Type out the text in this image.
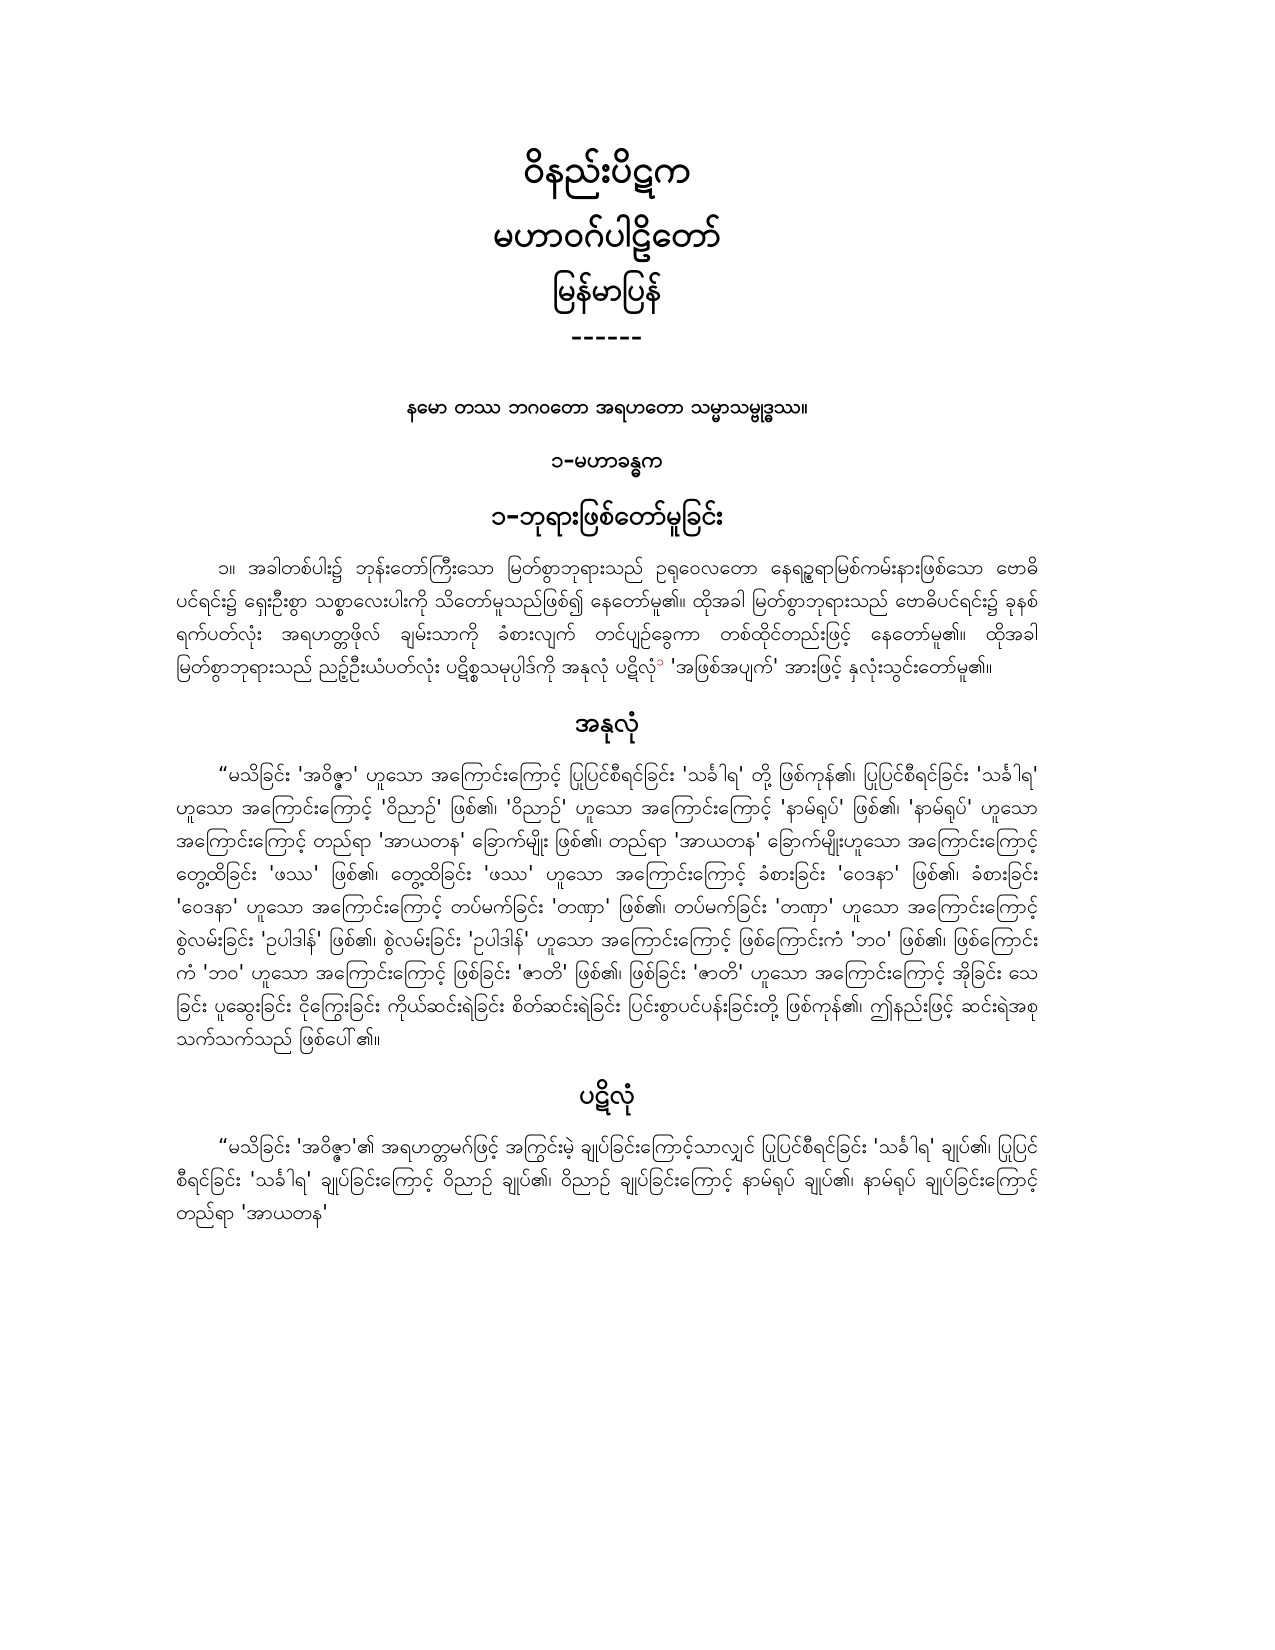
ဝိနည်းပိဋက
မဟာဝဂ်ပါဠိတော်
မြန်မာပြန်
––––––
နမော တဿ ဘဂဝတော အရဟတော သမ္မာသမ္ဗုဒ္ဓဿ။
၁–မဟာခန္ဓက
၁–ဘုရားဖြစ်တော်မူခြင်း

၁။ အခါတစ်ပါး၌ ဘုန်းတော်ကြီးသော မြတ်စွာဘုရားသည် ဥရုဝေလတော နေရဥ္စရာမြစ်ကမ်းနားဖြစ်သော ဗောဓိပင်ရင်း၌ ရှေးဦးစွာ သစ္စာလေးပါးကို သိတော်မူသည်ဖြစ်၍ နေတော်မူ၏။ ထိုအခါ မြတ်စွာဘုရားသည် ဗောဓိပင်ရင်း၌ ခုနစ်ရက်ပတ်လုံး အရဟတ္တဖိုလ် ချမ်းသာကို ခံစားလျက် တင်ပျဉ်ခွေကာ တစ်ထိုင်တည်းဖြင့် နေတော်မူ၏။ ထိုအခါ မြတ်စွာဘုရားသည် ညဉ့်ဦးယံပတ်လုံး ပဋိစ္စသမုပ္ပါဒ်ကို အနုလုံ ပဋိလုံ$^၁$ 'အဖြစ်အပျက်' အားဖြင့် နှလုံးသွင်းတော်မူ၏။

အနုလုံ

“မသိခြင်း 'အဝိဇ္ဇာ' ဟူသော အကြောင်းကြောင့် ပြုပြင်စီရင်ခြင်း 'သင်္ခါရ' တို့ ဖြစ်ကုန်၏၊ ပြုပြင်စီရင်ခြင်း 'သင်္ခါရ' ဟူသော အကြောင်းကြောင့် 'ဝိညာဉ်' ဖြစ်၏၊ 'ဝိညာဉ်' ဟူသော အကြောင်းကြောင့် 'နာမ်ရုပ်' ဖြစ်၏၊ 'နာမ်ရုပ်' ဟူသော အကြောင်းကြောင့် တည်ရာ 'အာယတန' ခြောက်မျိုး ဖြစ်၏၊ တည်ရာ 'အာယတန' ခြောက်မျိုးဟူသော အကြောင်းကြောင့် တွေ့ထိခြင်း 'ဖဿ' ဖြစ်၏၊ တွေ့ထိခြင်း 'ဖဿ' ဟူသော အကြောင်းကြောင့် ခံစားခြင်း 'ဝေဒနာ' ဖြစ်၏၊ ခံစားခြင်း 'ဝေဒနာ' ဟူသော အကြောင်းကြောင့် တပ်မက်ခြင်း 'တဏှာ' ဖြစ်၏၊ တပ်မက်ခြင်း 'တဏှာ' ဟူသော အကြောင်းကြောင့် စွဲလမ်းခြင်း 'ဥပါဒါန်' ဖြစ်၏၊ စွဲလမ်းခြင်း 'ဥပါဒါန်' ဟူသော အကြောင်းကြောင့် ဖြစ်ကြောင်းကံ 'ဘဝ' ဖြစ်၏၊ ဖြစ်ကြောင်းကံ 'ဘဝ' ဟူသော အကြောင်းကြောင့် ဖြစ်ခြင်း 'ဇာတိ' ဖြစ်၏၊ ဖြစ်ခြင်း 'ဇာတိ' ဟူသော အကြောင်းကြောင့် အိုခြင်း သေခြင်း ပူဆွေးခြင်း ငိုကြွေးခြင်း ကိုယ်ဆင်းရဲခြင်း စိတ်ဆင်းရဲခြင်း ပြင်းစွာပင်ပန်းခြင်းတို့ ဖြစ်ကုန်၏၊ ဤနည်းဖြင့် ဆင်းရဲအစုသက်သက်သည် ဖြစ်ပေါ်၏။

ပဋိလုံ

“မသိခြင်း 'အဝိဇ္ဇာ'၏ အရဟတ္တမဂ်ဖြင့် အကြွင်းမဲ့ ချုပ်ခြင်းကြောင့်သာလျှင် ပြုပြင်စီရင်ခြင်း 'သင်္ခါရ' ချုပ်၏၊ ပြုပြင်စီရင်ခြင်း 'သင်္ခါရ' ချုပ်ခြင်းကြောင့် ဝိညာဉ် ချုပ်၏၊ ဝိညာဉ် ချုပ်ခြင်းကြောင့် နာမ်ရုပ် ချုပ်၏၊ နာမ်ရုပ် ချုပ်ခြင်းကြောင့် တည်ရာ 'အာယတန'
